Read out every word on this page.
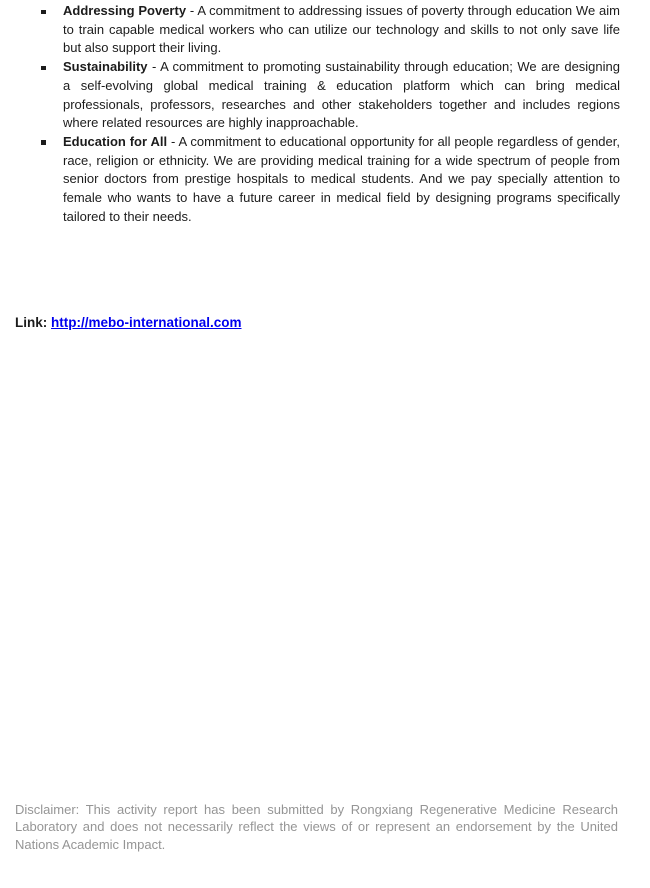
Addressing Poverty - A commitment to addressing issues of poverty through education We aim to train capable medical workers who can utilize our technology and skills to not only save life but also support their living.
Sustainability - A commitment to promoting sustainability through education; We are designing a self-evolving global medical training & education platform which can bring medical professionals, professors, researches and other stakeholders together and includes regions where related resources are highly inapproachable.
Education for All - A commitment to educational opportunity for all people regardless of gender, race, religion or ethnicity. We are providing medical training for a wide spectrum of people from senior doctors from prestige hospitals to medical students. And we pay specially attention to female who wants to have a future career in medical field by designing programs specifically tailored to their needs.

Link: http://mebo-international.com

Disclaimer: This activity report has been submitted by Rongxiang Regenerative Medicine Research Laboratory and does not necessarily reflect the views of or represent an endorsement by the United Nations Academic Impact.
